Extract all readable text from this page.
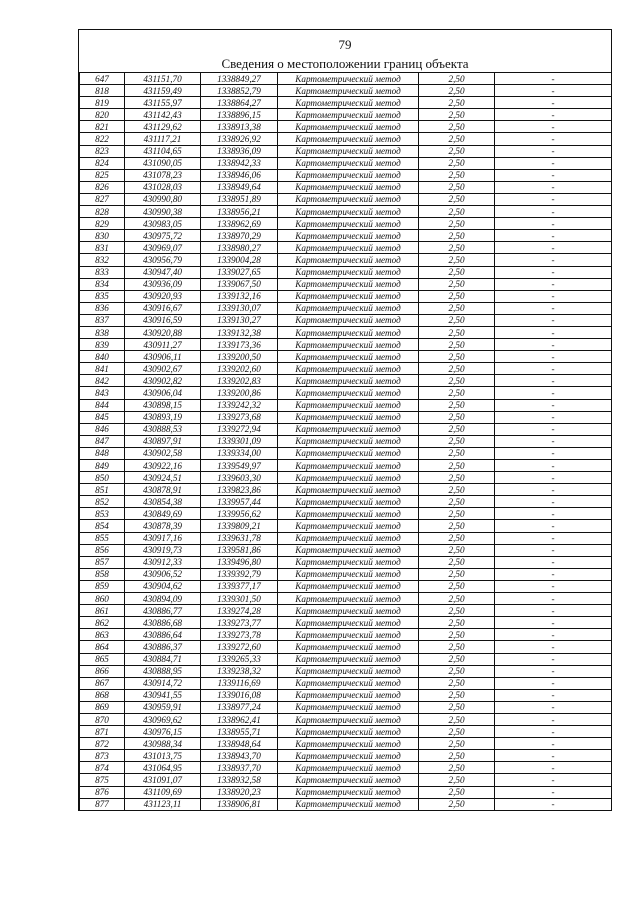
79
Сведения о местоположении границ объекта
647	431151,70	1338849,27	Картометрический метод	2,50	-
818	431159,49	1338852,79	Картометрический метод	2,50	-
819	431155,97	1338864,27	Картометрический метод	2,50	-
820	431142,43	1338896,15	Картометрический метод	2,50	-
821	431129,62	1338913,38	Картометрический метод	2,50	-
822	431117,21	1338926,92	Картометрический метод	2,50	-
823	431104,65	1338936,09	Картометрический метод	2,50	-
824	431090,05	1338942,33	Картометрический метод	2,50	-
825	431078,23	1338946,06	Картометрический метод	2,50	-
826	431028,03	1338949,64	Картометрический метод	2,50	-
827	430990,80	1338951,89	Картометрический метод	2,50	-
828	430990,38	1338956,21	Картометрический метод	2,50	-
829	430983,05	1338962,69	Картометрический метод	2,50	-
830	430975,72	1338970,29	Картометрический метод	2,50	-
831	430969,07	1338980,27	Картометрический метод	2,50	-
832	430956,79	1339004,28	Картометрический метод	2,50	-
833	430947,40	1339027,65	Картометрический метод	2,50	-
834	430936,09	1339067,50	Картометрический метод	2,50	-
835	430920,93	1339132,16	Картометрический метод	2,50	-
836	430916,67	1339130,07	Картометрический метод	2,50	-
837	430916,59	1339130,27	Картометрический метод	2,50	-
838	430920,88	1339132,38	Картометрический метод	2,50	-
839	430911,27	1339173,36	Картометрический метод	2,50	-
840	430906,11	1339200,50	Картометрический метод	2,50	-
841	430902,67	1339202,60	Картометрический метод	2,50	-
842	430902,82	1339202,83	Картометрический метод	2,50	-
843	430906,04	1339200,86	Картометрический метод	2,50	-
844	430898,15	1339242,32	Картометрический метод	2,50	-
845	430893,19	1339273,68	Картометрический метод	2,50	-
846	430888,53	1339272,94	Картометрический метод	2,50	-
847	430897,91	1339301,09	Картометрический метод	2,50	-
848	430902,58	1339334,00	Картометрический метод	2,50	-
849	430922,16	1339549,97	Картометрический метод	2,50	-
850	430924,51	1339603,30	Картометрический метод	2,50	-
851	430878,91	1339823,86	Картометрический метод	2,50	-
852	430854,38	1339957,44	Картометрический метод	2,50	-
853	430849,69	1339956,62	Картометрический метод	2,50	-
854	430878,39	1339809,21	Картометрический метод	2,50	-
855	430917,16	1339631,78	Картометрический метод	2,50	-
856	430919,73	1339581,86	Картометрический метод	2,50	-
857	430912,33	1339496,80	Картометрический метод	2,50	-
858	430906,52	1339392,79	Картометрический метод	2,50	-
859	430904,62	1339377,17	Картометрический метод	2,50	-
860	430894,09	1339301,50	Картометрический метод	2,50	-
861	430886,77	1339274,28	Картометрический метод	2,50	-
862	430886,68	1339273,77	Картометрический метод	2,50	-
863	430886,64	1339273,78	Картометрический метод	2,50	-
864	430886,37	1339272,60	Картометрический метод	2,50	-
865	430884,71	1339265,33	Картометрический метод	2,50	-
866	430888,95	1339238,32	Картометрический метод	2,50	-
867	430914,72	1339116,69	Картометрический метод	2,50	-
868	430941,55	1339016,08	Картометрический метод	2,50	-
869	430959,91	1338977,24	Картометрический метод	2,50	-
870	430969,62	1338962,41	Картометрический метод	2,50	-
871	430976,15	1338955,71	Картометрический метод	2,50	-
872	430988,34	1338948,64	Картометрический метод	2,50	-
873	431013,75	1338943,70	Картометрический метод	2,50	-
874	431064,95	1338937,70	Картометрический метод	2,50	-
875	431091,07	1338932,58	Картометрический метод	2,50	-
876	431109,69	1338920,23	Картометрический метод	2,50	-
877	431123,11	1338906,81	Картометрический метод	2,50	-
